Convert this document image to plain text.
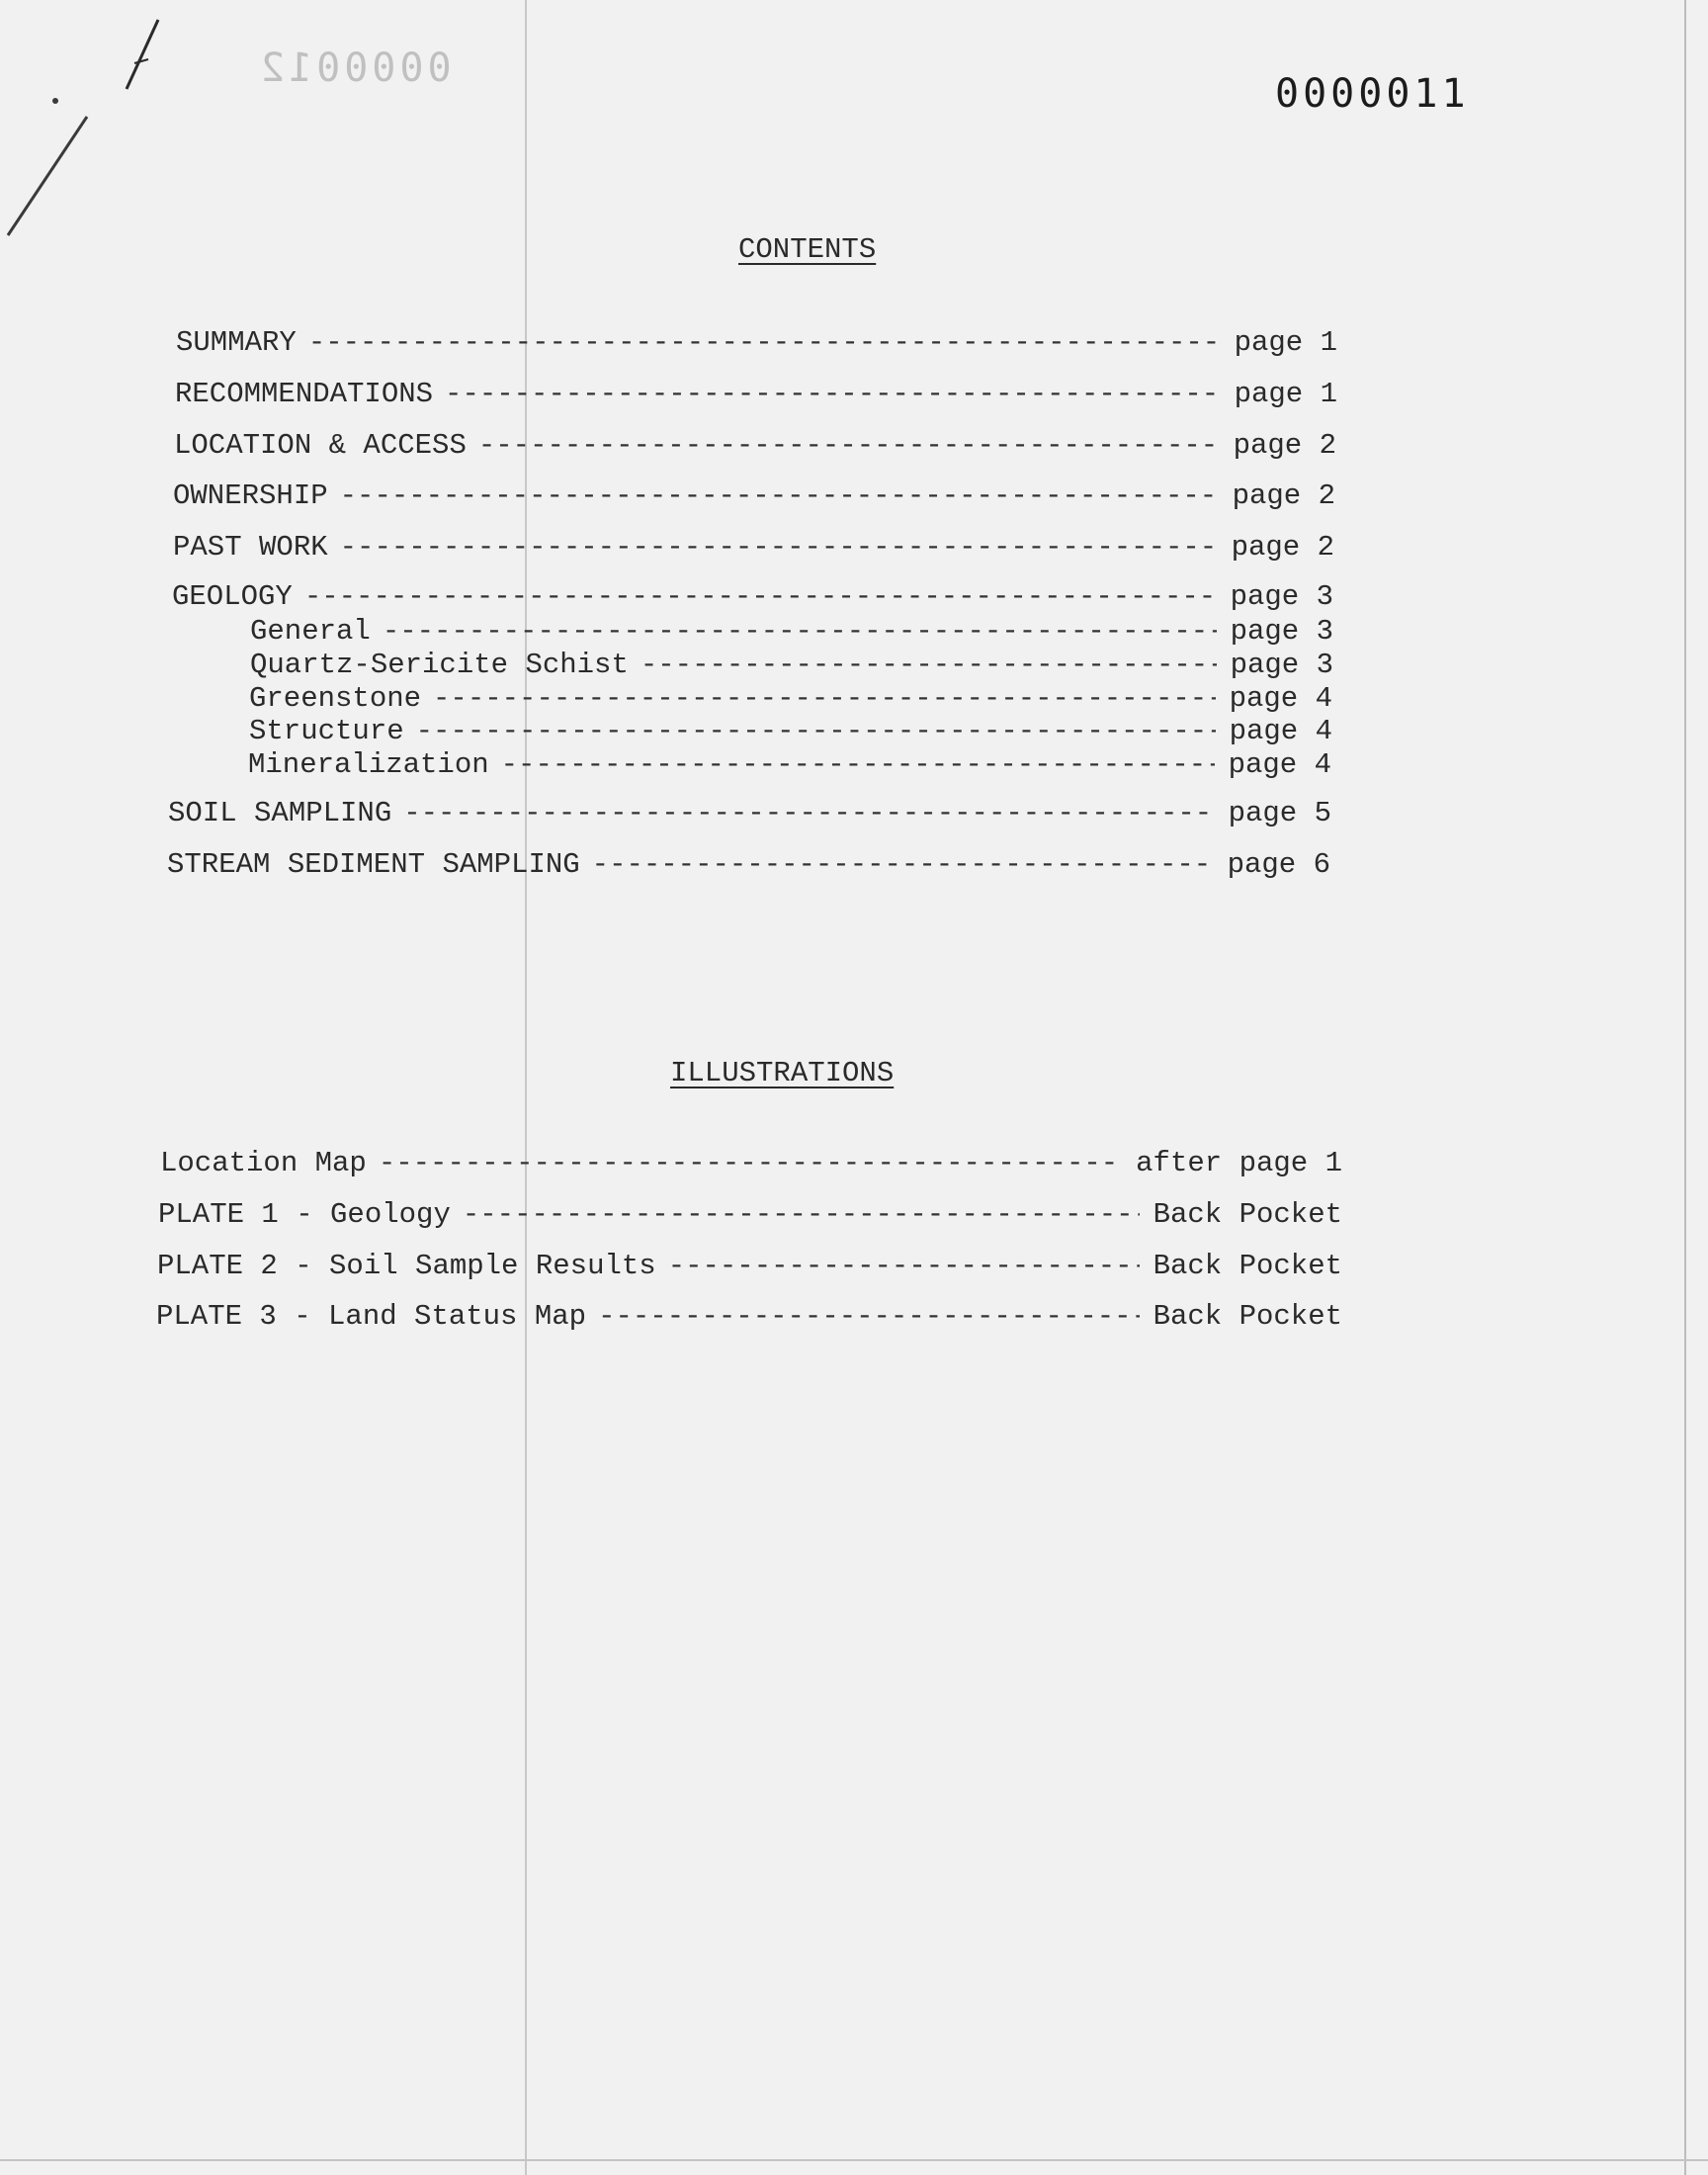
0000012
0000011
CONTENTS
SUMMARY -----	page 1
RECOMMENDATIONS -----	page 1
LOCATION & ACCESS -----	page 2
OWNERSHIP -----	page 2
PAST WORK -----	page 2
GEOLOGY -----	page 3
General -----	page 3
Quartz-Sericite Schist -----	page 3
Greenstone -----	page 4
Structure -----	page 4
Mineralization -----	page 4
SOIL SAMPLING -----	page 5
STREAM SEDIMENT SAMPLING -----	page 6
ILLUSTRATIONS
Location Map -----	after page 1
PLATE 1 - Geology -----	Back Pocket
PLATE 2 - Soil Sample Results -----	Back Pocket
PLATE 3 - Land Status Map -----	Back Pocket
